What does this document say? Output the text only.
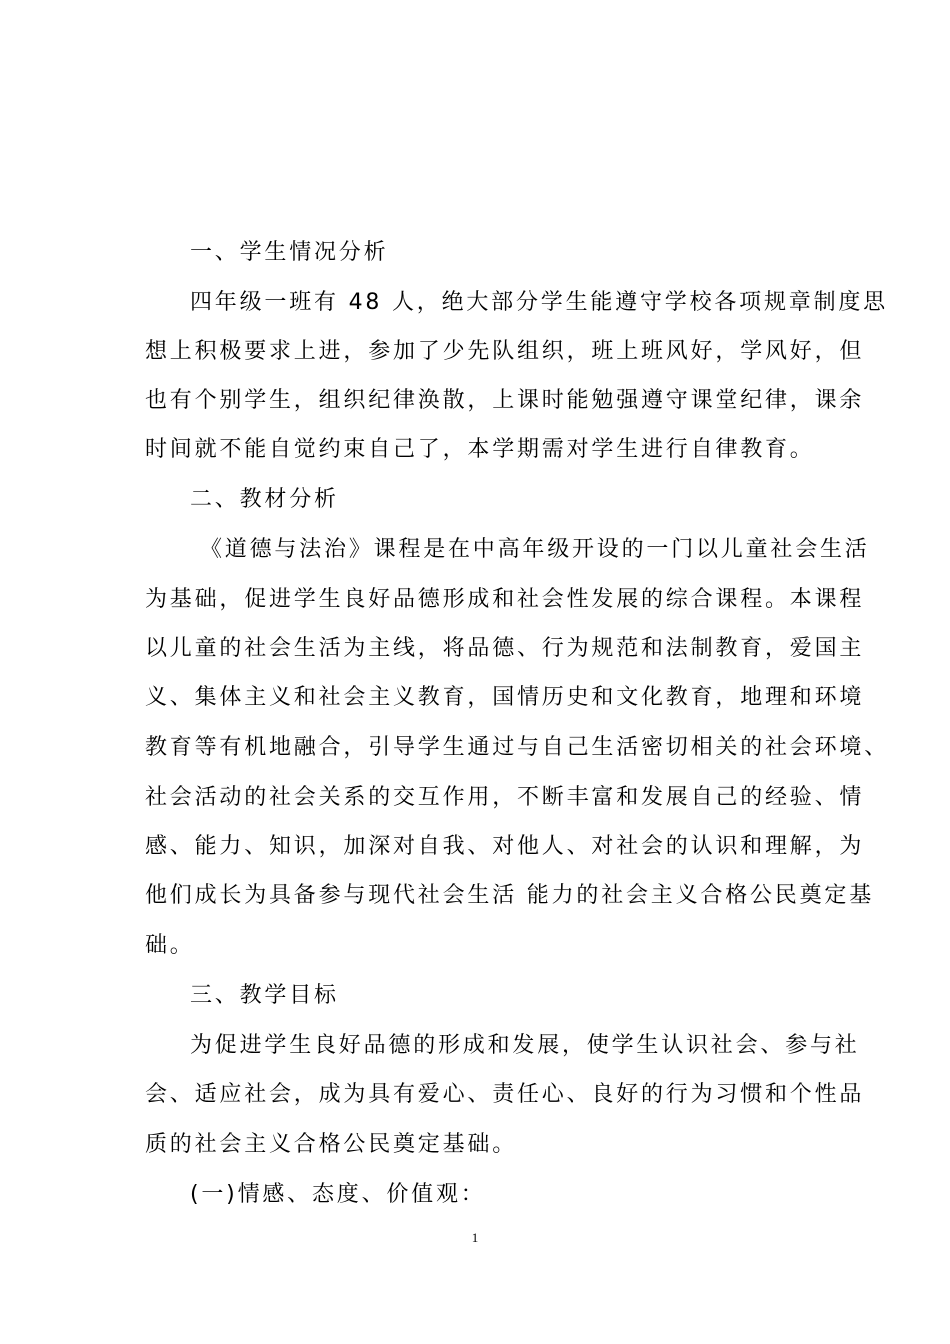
一、学生情况分析
四年级一班有 48 人，绝大部分学生能遵守学校各项规章制度思
想上积极要求上进，参加了少先队组织，班上班风好，学风好，但
也有个别学生，组织纪律涣散，上课时能勉强遵守课堂纪律，课余
时间就不能自觉约束自己了，本学期需对学生进行自律教育。
二、教材分析
《道德与法治》课程是在中高年级开设的一门以儿童社会生活
为基础，促进学生良好品德形成和社会性发展的综合课程。本课程
以儿童的社会生活为主线，将品德、行为规范和法制教育，爱国主
义、集体主义和社会主义教育，国情历史和文化教育，地理和环境
教育等有机地融合，引导学生通过与自己生活密切相关的社会环境、
社会活动的社会关系的交互作用，不断丰富和发展自己的经验、情
感、能力、知识，加深对自我、对他人、对社会的认识和理解，为
他们成长为具备参与现代社会生活 能力的社会主义合格公民奠定基
础。
三、教学目标
为促进学生良好品德的形成和发展，使学生认识社会、参与社
会、适应社会，成为具有爱心、责任心、良好的行为习惯和个性品
质的社会主义合格公民奠定基础。
(一)情感、态度、价值观：
1
